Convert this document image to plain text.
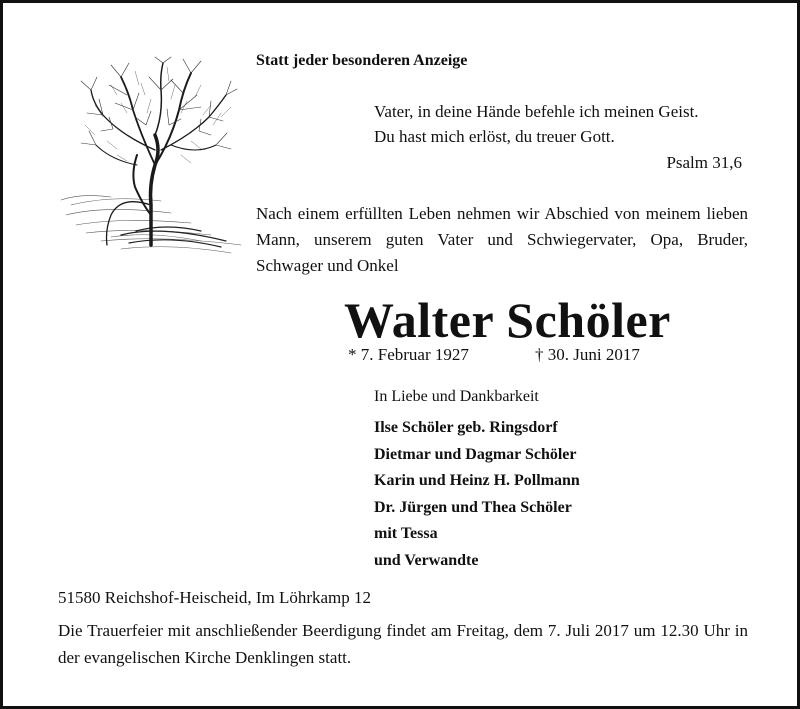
Statt jeder besonderen Anzeige
Vater, in deine Hände befehle ich meinen Geist.
Du hast mich erlöst, du treuer Gott.
Psalm 31,6
Nach einem erfüllten Leben nehmen wir Abschied von meinem lieben Mann, unserem guten Vater und Schwiegervater, Opa, Bruder, Schwager und Onkel
Walter Schöler
* 7. Februar 1927	† 30. Juni 2017
In Liebe und Dankbarkeit
Ilse Schöler geb. Ringsdorf
Dietmar und Dagmar Schöler
Karin und Heinz H. Pollmann
Dr. Jürgen und Thea Schöler
mit Tessa
und Verwandte
51580 Reichshof-Heischeid, Im Löhrkamp 12
Die Trauerfeier mit anschließender Beerdigung findet am Freitag, dem 7. Juli 2017 um 12.30 Uhr in der evangelischen Kirche Denklingen statt.
